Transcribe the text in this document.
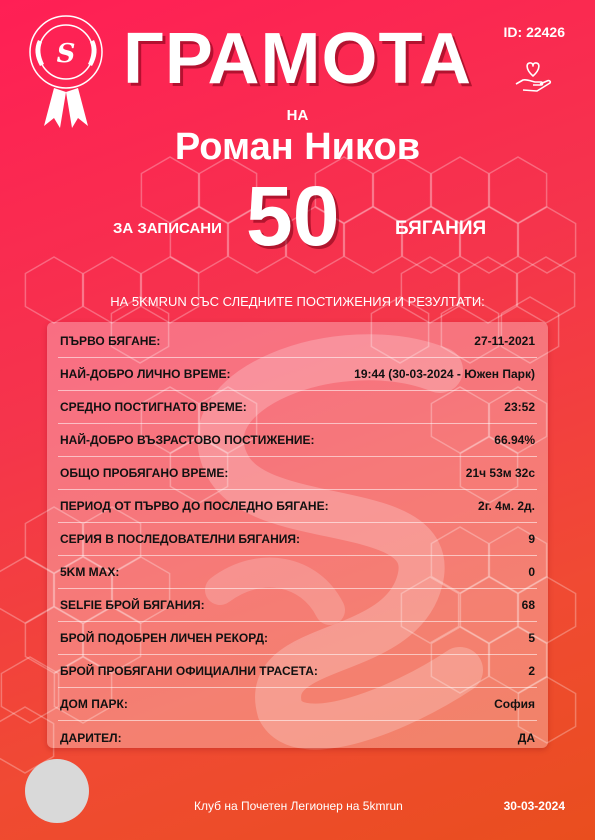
S
ID: 22426
ГРАМОТА
НА
Роман Ников
ЗА ЗАПИСАНИ 50	БЯГАНИЯ
НА 5KMRUN СЪС СЛЕДНИТЕ ПОСТИЖЕНИЯ И РЕЗУЛТАТИ:
ПЪРВО БЯГАНЕ:	27-11-2021
НАЙ-ДОБРО ЛИЧНО ВРЕМЕ:	19:44 (30-03-2024 - Южен Парк)
СРЕДНО ПОСТИГНАТО ВРЕМЕ:	23:52
НАЙ-ДОБРО ВЪЗРАСТОВО ПОСТИЖЕНИЕ:	66.94%
ОБЩО ПРОБЯГАНО ВРЕМЕ:	21ч 53м 32с
ПЕРИОД ОТ ПЪРВО ДО ПОСЛЕДНО БЯГАНЕ:	2г. 4м. 2д.
СЕРИЯ В ПОСЛЕДОВАТЕЛНИ БЯГАНИЯ:	9
5KM MAX:	0
SELFIE БРОЙ БЯГАНИЯ:	68
БРОЙ ПОДОБРЕН ЛИЧЕН РЕКОРД:	5
БРОЙ ПРОБЯГАНИ ОФИЦИАЛНИ ТРАСЕТА:	2
ДОМ ПАРК:	София
ДАРИТЕЛ:	ДА
Клуб на Почетен Легионер на 5kmrun	30-03-2024
